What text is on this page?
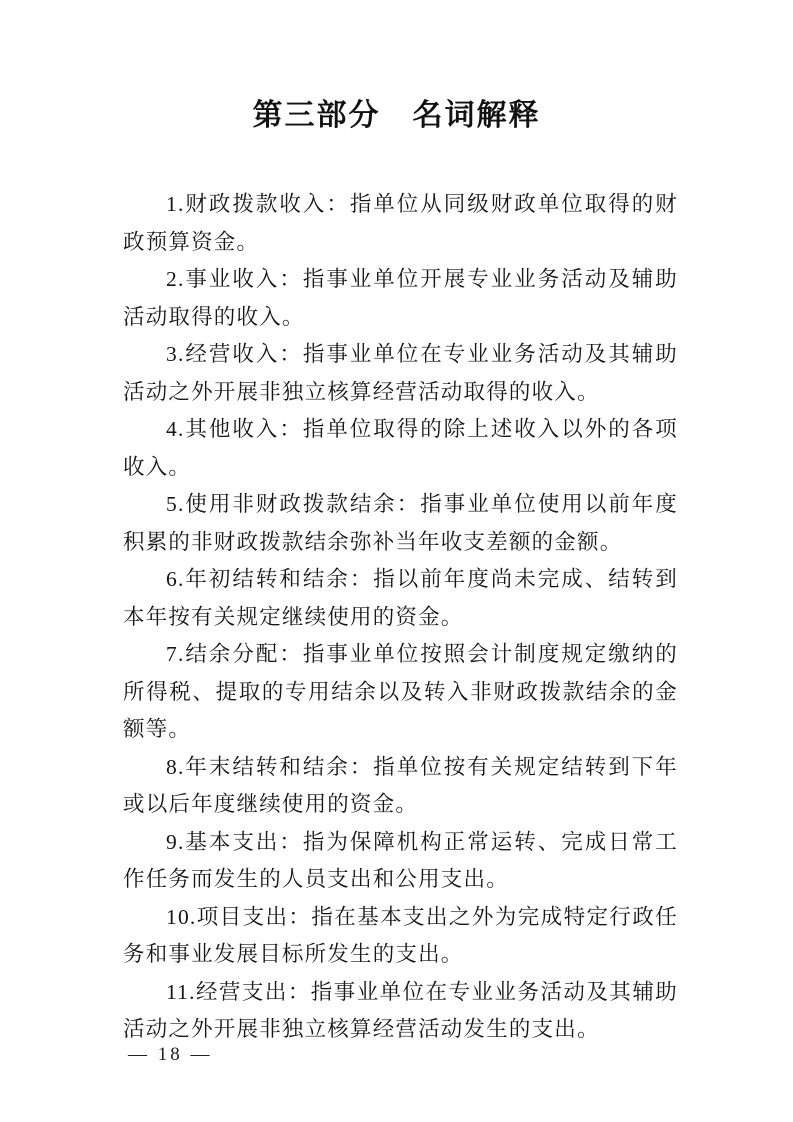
第三部分　名词解释

1.财政拨款收入：指单位从同级财政单位取得的财政预算资金。

2.事业收入：指事业单位开展专业业务活动及辅助活动取得的收入。

3.经营收入：指事业单位在专业业务活动及其辅助活动之外开展非独立核算经营活动取得的收入。

4.其他收入：指单位取得的除上述收入以外的各项收入。

5.使用非财政拨款结余：指事业单位使用以前年度积累的非财政拨款结余弥补当年收支差额的金额。

6.年初结转和结余：指以前年度尚未完成、结转到本年按有关规定继续使用的资金。

7.结余分配：指事业单位按照会计制度规定缴纳的所得税、提取的专用结余以及转入非财政拨款结余的金额等。

8.年末结转和结余：指单位按有关规定结转到下年或以后年度继续使用的资金。

9.基本支出：指为保障机构正常运转、完成日常工作任务而发生的人员支出和公用支出。

10.项目支出：指在基本支出之外为完成特定行政任务和事业发展目标所发生的支出。

11.经营支出：指事业单位在专业业务活动及其辅助活动之外开展非独立核算经营活动发生的支出。

— 18 —
